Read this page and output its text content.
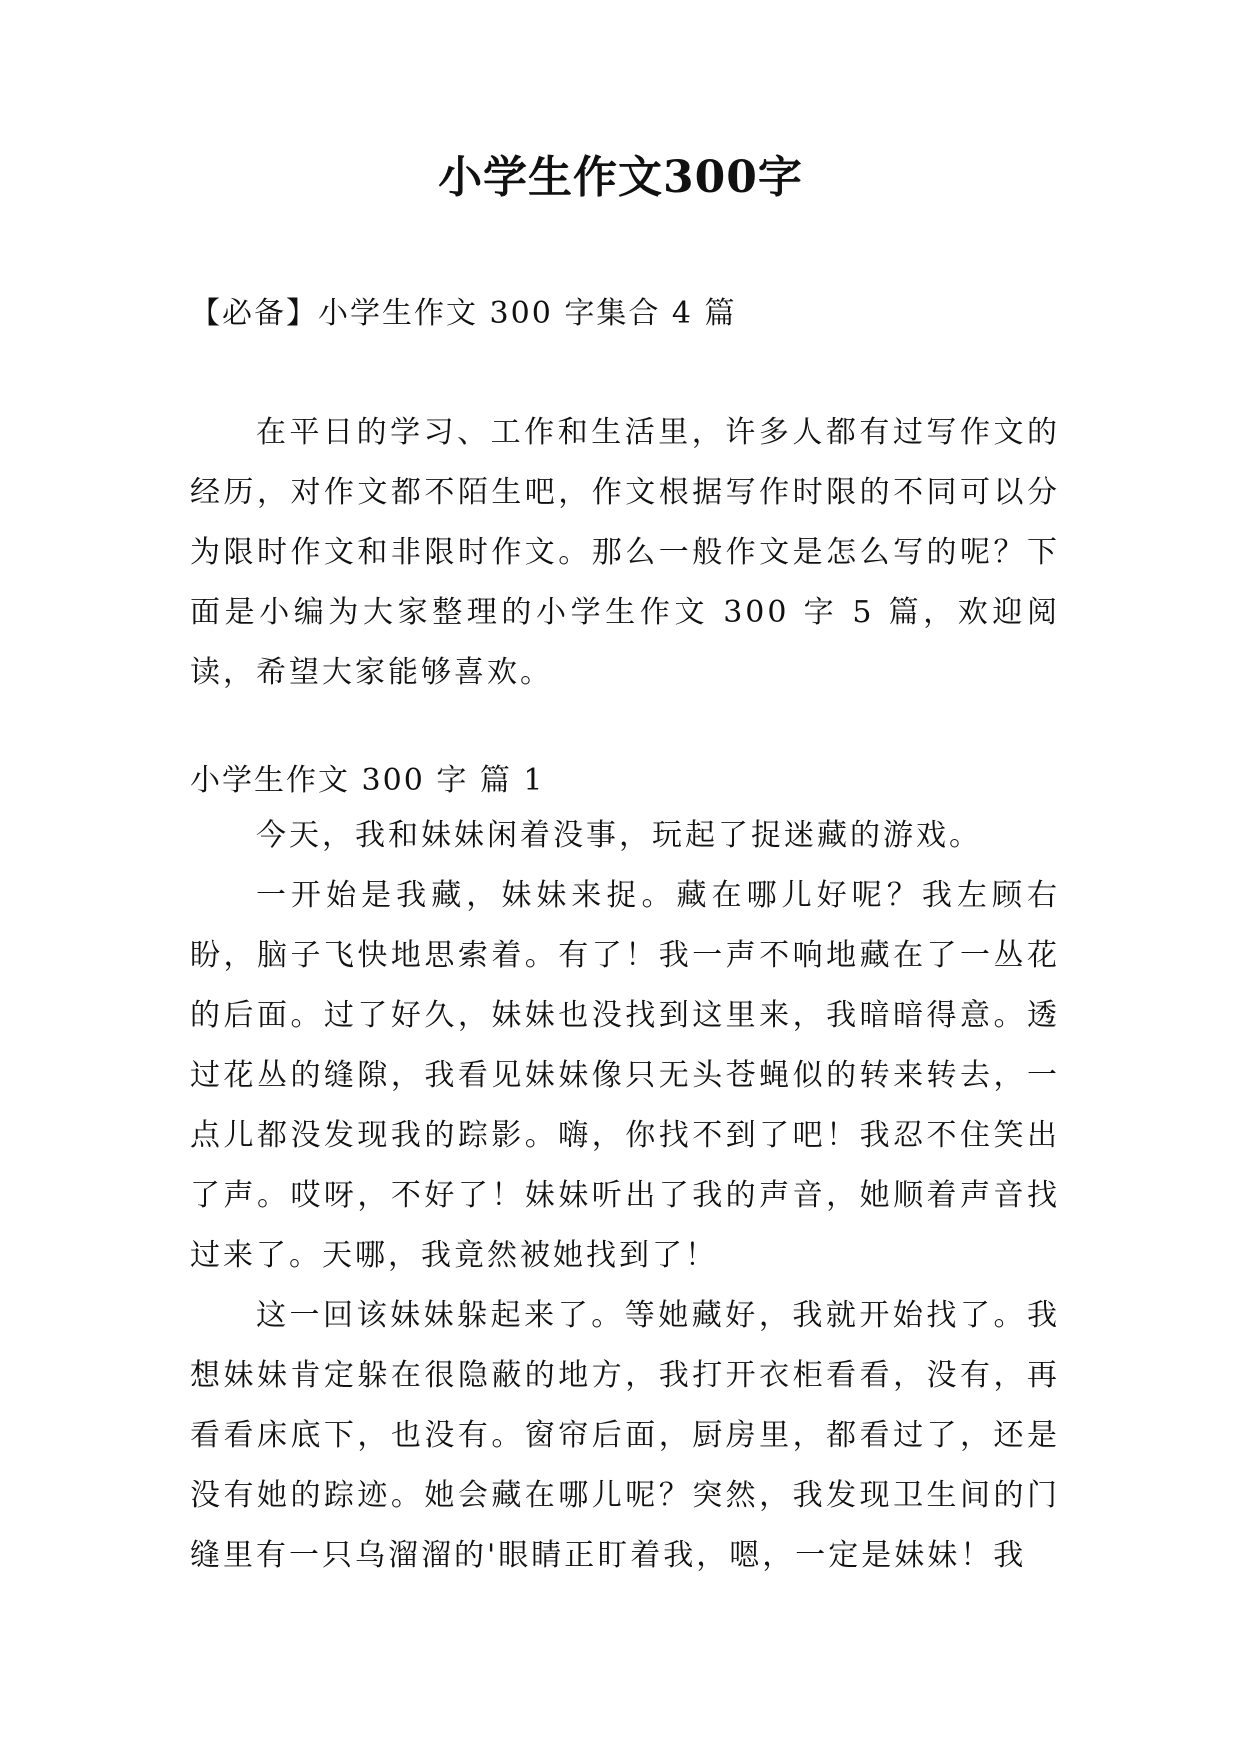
小学生作文300字
【必备】小学生作文 300 字集合 4 篇

在平日的学习、工作和生活里，许多人都有过写作文的经历，对作文都不陌生吧，作文根据写作时限的不同可以分为限时作文和非限时作文。那么一般作文是怎么写的呢？下面是小编为大家整理的小学生作文 300 字 5 篇，欢迎阅读，希望大家能够喜欢。

小学生作文 300 字 篇 1

今天，我和妹妹闲着没事，玩起了捉迷藏的游戏。

一开始是我藏，妹妹来捉。藏在哪儿好呢？我左顾右盼，脑子飞快地思索着。有了！我一声不响地藏在了一丛花的后面。过了好久，妹妹也没找到这里来，我暗暗得意。透过花丛的缝隙，我看见妹妹像只无头苍蝇似的转来转去，一点儿都没发现我的踪影。嗨，你找不到了吧！我忍不住笑出了声。哎呀，不好了！妹妹听出了我的声音，她顺着声音找过来了。天哪，我竟然被她找到了！

这一回该妹妹躲起来了。等她藏好，我就开始找了。我想妹妹肯定躲在很隐蔽的地方，我打开衣柜看看，没有，再看看床底下，也没有。窗帘后面，厨房里，都看过了，还是没有她的踪迹。她会藏在哪儿呢？突然，我发现卫生间的门缝里有一只乌溜溜的'眼睛正盯着我，嗯，一定是妹妹！我
